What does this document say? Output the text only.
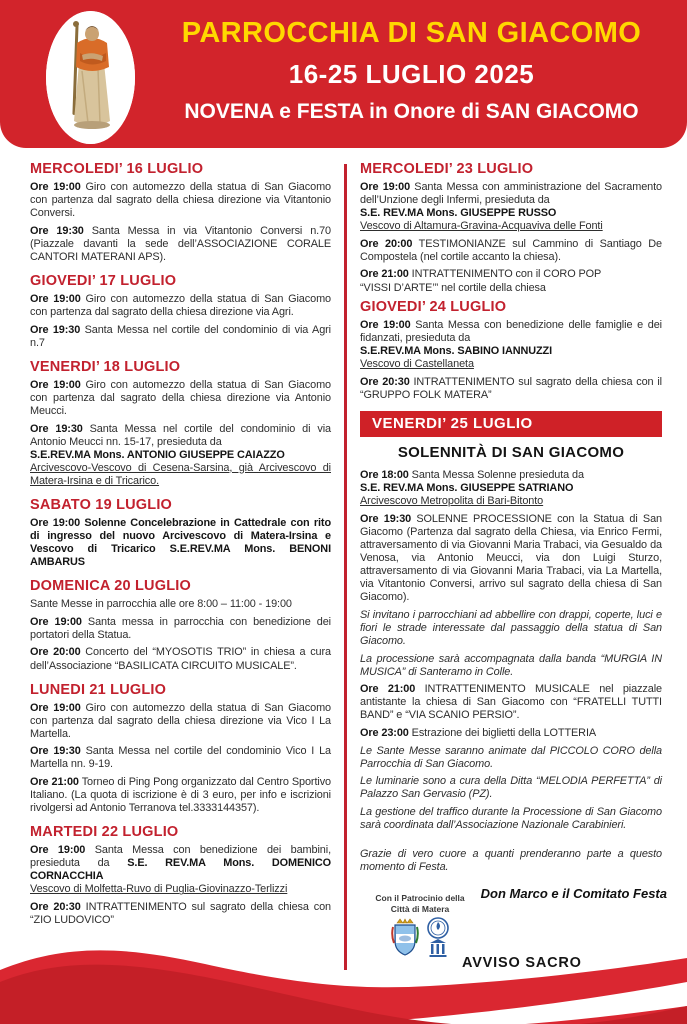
PARROCCHIA DI SAN GIACOMO
16-25 LUGLIO 2025
NOVENA e FESTA in Onore di SAN GIACOMO
MERCOLEDI’ 16 LUGLIO

Ore 19:00 Giro con automezzo della statua di San Giacomo con partenza dal sagrato della chiesa direzione via Vitantonio Conversi.

Ore 19:30 Santa Messa in via Vitantonio Conversi n.70 (Piazzale davanti la sede dell’ASSOCIAZIONE CORALE CANTORI MATERANI APS).

GIOVEDI’ 17 LUGLIO

Ore 19:00 Giro con automezzo della statua di San Giacomo con partenza dal sagrato della chiesa direzione via Agri.

Ore 19:30 Santa Messa nel cortile del condominio di via Agri n.7

VENERDI’ 18 LUGLIO

Ore 19:00 Giro con automezzo della statua di San Giacomo con partenza dal sagrato della chiesa direzione via Antonio Meucci.

Ore 19:30 Santa Messa nel cortile del condominio di via Antonio Meucci nn. 15-17, presieduta da
S.E.REV.MA Mons. ANTONIO GIUSEPPE CAIAZZO
Arcivescovo-Vescovo di Cesena-Sarsina, già Arcivescovo di Matera-Irsina e di Tricarico.

SABATO 19 LUGLIO

Ore 19:00 Solenne Concelebrazione in Cattedrale con rito di ingresso del nuovo Arcivescovo di Matera-Irsina e Vescovo di Tricarico S.E.REV.MA Mons. BENONI AMBARUS

DOMENICA 20 LUGLIO

Sante Messe in parrocchia alle ore 8:00 – 11:00 - 19:00

Ore 19:00 Santa messa in parrocchia con benedizione dei portatori della Statua.

Ore 20:00 Concerto del “MYOSOTIS TRIO” in chiesa a cura dell’Associazione “BASILICATA CIRCUITO MUSICALE”.

LUNEDI 21 LUGLIO

Ore 19:00 Giro con automezzo della statua di San Giacomo con partenza dal sagrato della chiesa direzione via Vico I La Martella.

Ore 19:30 Santa Messa nel cortile del condominio Vico I La Martella nn. 9-19.

Ore 21:00 Torneo di Ping Pong organizzato dal Centro Sportivo Italiano. (La quota di iscrizione è di 3 euro, per info e iscrizioni rivolgersi ad Antonio Terranova tel.3333144357).

MARTEDI 22 LUGLIO

Ore 19:00 Santa Messa con benedizione dei bambini, presieduta da S.E. REV.MA Mons. DOMENICO CORNACCHIA
Vescovo di Molfetta-Ruvo di Puglia-Giovinazzo-Terlizzi

Ore 20:30 INTRATTENIMENTO sul sagrato della chiesa con “ZIO LUDOVICO”

MERCOLEDI’ 23 LUGLIO

Ore 19:00 Santa Messa con amministrazione del Sacramento dell’Unzione degli Infermi, presieduta da
S.E. REV.MA Mons. GIUSEPPE RUSSO
Vescovo di Altamura-Gravina-Acquaviva delle Fonti

Ore 20:00 TESTIMONIANZE sul Cammino di Santiago De Compostela (nel cortile accanto la chiesa).

Ore 21:00 INTRATTENIMENTO con il CORO POP
“VISSI D’ARTE’” nel cortile della chiesa

GIOVEDI’ 24 LUGLIO

Ore 19:00 Santa Messa con benedizione delle famiglie e dei fidanzati, presieduta da
S.E.REV.MA Mons. SABINO IANNUZZI
Vescovo di Castellaneta

Ore 20:30 INTRATTENIMENTO sul sagrato della chiesa con il “GRUPPO FOLK MATERA”

VENERDI’ 25 LUGLIO
SOLENNITÀ DI SAN GIACOMO

Ore 18:00 Santa Messa Solenne presieduta da
S.E. REV.MA Mons. GIUSEPPE SATRIANO
Arcivescovo Metropolita di Bari-Bitonto

Ore 19:30 SOLENNE PROCESSIONE con la Statua di San Giacomo (Partenza dal sagrato della Chiesa, via Enrico Fermi, attraversamento di via Giovanni Maria Trabaci, via Gesualdo da Venosa, via Antonio Meucci, via don Luigi Sturzo, attraversamento di via Giovanni Maria Trabaci, via La Martella, via Vitantonio Conversi, arrivo sul sagrato della chiesa di San Giacomo).

Si invitano i parrocchiani ad abbellire con drappi, coperte, luci e fiori le strade interessate dal passaggio della statua di San Giacomo.

La processione sarà accompagnata dalla banda “MURGIA IN MUSICA” di Santeramo in Colle.

Ore 21:00 INTRATTENIMENTO MUSICALE nel piazzale antistante la chiesa di San Giacomo con “FRATELLI TUTTI BAND” e “VIA SCANIO PERSIO”.

Ore 23:00 Estrazione dei biglietti della LOTTERIA

Le Sante Messe saranno animate dal PICCOLO CORO della Parrocchia di San Giacomo.

Le luminarie sono a cura della Ditta “MELODIA PERFETTA” di Palazzo San Gervasio (PZ).

La gestione del traffico durante la Processione di San Giacomo sarà coordinata dall’Associazione Nazionale Carabinieri.

Grazie di vero cuore a quanti prenderanno parte a questo momento di Festa.

Con il Patrocinio della
Città di Matera
Don Marco e il Comitato Festa
AVVISO SACRO
